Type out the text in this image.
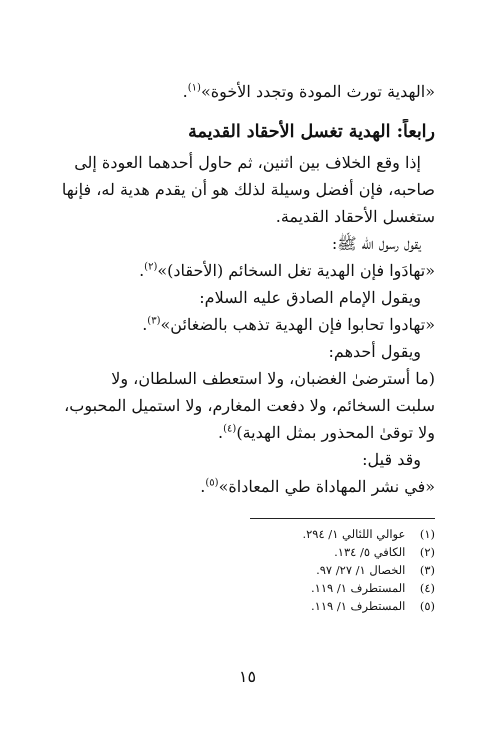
«الهدية تورث المودة وتجدد الأخوة»$^{(١)}$.
رابعاً: الهدية تغسل الأحقاد القديمة
إذا وقع الخلاف بين اثنين، ثم حاول أحدهما العودة إلى
صاحبه، فإن أفضل وسيلة لذلك هو أن يقدم هدية له، فإنها
ستغسل الأحقاد القديمة.
يقول رسول الله ﷺ:
«تهادَوا فإن الهدية تغل السخائم (الأحقاد)»$^{(٢)}$.
ويقول الإمام الصادق عليه السلام:
«تهادوا تحابوا فإن الهدية تذهب بالضغائن»$^{(٣)}$.
ويقول أحدهم:
(ما أسترضىٰ الغضبان، ولا استعطف السلطان، ولا
سلبت السخائم، ولا دفعت المغارم، ولا استميل المحبوب،
ولا توقىٰ المحذور بمثل الهدية)$^{(٤)}$.
وقد قيل:
«في نشر المهاداة طي المعاداة»$^{(٥)}$.
(١) عوالي اللئالي ١/ ٢٩٤.
(٢) الكافي ٥/ ١٣٤.
(٣) الخصال ١/ ٢٧/ ٩٧.
(٤) المستطرف ١/ ١١٩.
(٥) المستطرف ١/ ١١٩.
١٥
